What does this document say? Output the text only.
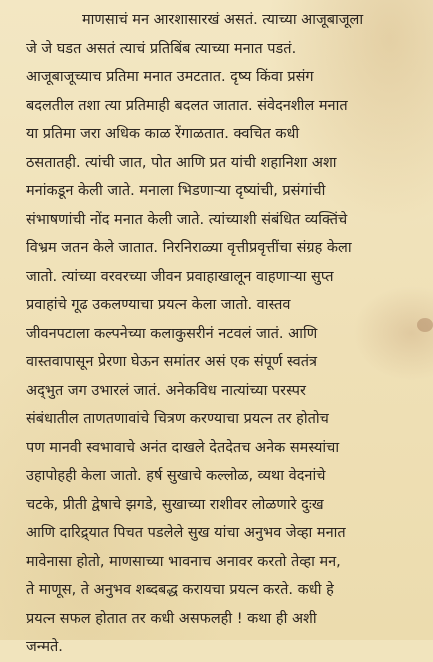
माणसाचं मन आरशासारखं असतं. त्याच्या आजूबाजूला
जे जे घडत असतं त्याचं प्रतिबिंब त्याच्या मनात पडतं.
आजूबाजूच्याच प्रतिमा मनात उमटतात. दृष्य किंवा प्रसंग
बदलतील तशा त्या प्रतिमाही बदलत जातात. संवेदनशील मनात
या प्रतिमा जरा अधिक काळ रेंगाळतात. क्वचित कधी
ठसतातही. त्यांची जात, पोत आणि प्रत यांची शहानिशा अशा
मनांकडून केली जाते. मनाला भिडणाऱ्या दृष्यांची, प्रसंगांची
संभाषणांची नोंद मनात केली जाते. त्यांच्याशी संबंधित व्यक्तिंचे
विभ्रम जतन केले जातात. निरनिराळ्या वृत्तीप्रवृत्तींचा संग्रह केला
जातो. त्यांच्या वरवरच्या जीवन प्रवाहाखालून वाहणाऱ्या सुप्त
प्रवाहांचे गूढ उकलण्याचा प्रयत्न केला जातो. वास्तव
जीवनपटाला कल्पनेच्या कलाकुसरीनं नटवलं जातं. आणि
वास्तवापासून प्रेरणा घेऊन समांतर असं एक संपूर्ण स्वतंत्र
अद्‌भुत जग उभारलं जातं. अनेकविध नात्यांच्या परस्पर
संबंधातील ताणतणावांचे चित्रण करण्याचा प्रयत्न तर होतोच
पण मानवी स्वभावाचे अनंत दाखले देतदेतच अनेक समस्यांचा
उहापोहही केला जातो. हर्ष सुखाचे कल्लोळ, व्यथा वेदनांचे
चटके, प्रीती द्वेषाचे झगडे, सुखाच्या राशीवर लोळणारे दुःख
आणि दारिद्र्यात पिचत पडलेले सुख यांचा अनुभव जेव्हा मनात
मावेनासा होतो, माणसाच्या भावनाच अनावर करतो तेव्हा मन,
ते माणूस, ते अनुभव शब्दबद्ध करायचा प्रयत्न करते. कधी हे
प्रयत्न सफल होतात तर कधी असफलही ! कथा ही अशी
जन्मते.
